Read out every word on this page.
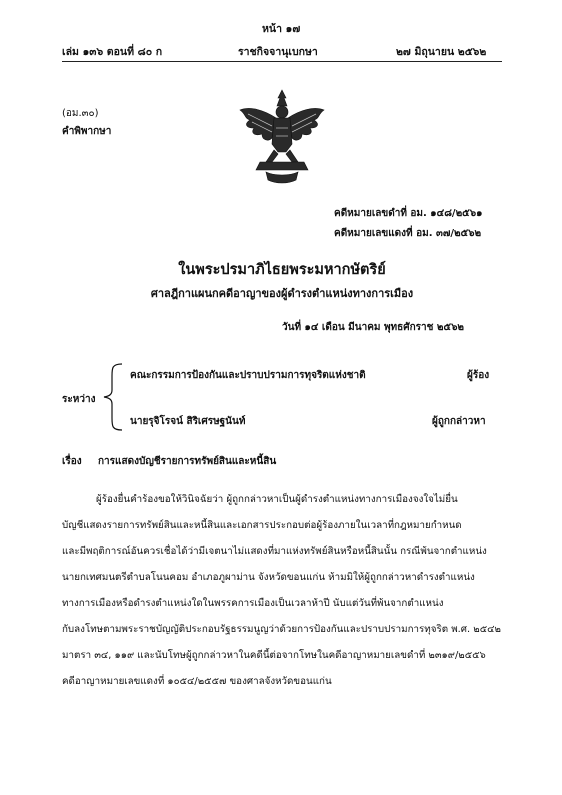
หน้า ๑๗
เล่ม ๑๓๖ ตอนที่ ๘๐ ก	ราชกิจจานุเบกษา	๒๗ มิถุนายน ๒๕๖๒
(อม.๓๐)
คำพิพากษา
คดีหมายเลขดำที่ อม. ๑๔๘/๒๕๖๑
คดีหมายเลขแดงที่ อม. ๓๗/๒๕๖๒
ในพระปรมาภิไธยพระมหากษัตริย์
ศาลฎีกาแผนกคดีอาญาของผู้ดำรงตำแหน่งทางการเมือง
วันที่ ๑๔ เดือน มีนาคม พุทธศักราช ๒๕๖๒
ระหว่าง
คณะกรรมการป้องกันและปราบปรามการทุจริตแห่งชาติ	ผู้ร้อง
นายรุจิโรจน์ สิริเศรษฐนันท์	ผู้ถูกกล่าวหา
เรื่อง การแสดงบัญชีรายการทรัพย์สินและหนี้สิน
ผู้ร้องยื่นคำร้องขอให้วินิจฉัยว่า ผู้ถูกกล่าวหาเป็นผู้ดำรงตำแหน่งทางการเมืองจงใจไม่ยื่น
บัญชีแสดงรายการทรัพย์สินและหนี้สินและเอกสารประกอบต่อผู้ร้องภายในเวลาที่กฎหมายกำหนด
และมีพฤติการณ์อันควรเชื่อได้ว่ามีเจตนาไม่แสดงที่มาแห่งทรัพย์สินหรือหนี้สินนั้น กรณีพ้นจากตำแหน่ง
นายกเทศมนตรีตำบลโนนคอม อำเภอภูผาม่าน จังหวัดขอนแก่น ห้ามมิให้ผู้ถูกกล่าวหาดำรงตำแหน่ง
ทางการเมืองหรือดำรงตำแหน่งใดในพรรคการเมืองเป็นเวลาห้าปี นับแต่วันที่พ้นจากตำแหน่ง
กับลงโทษตามพระราชบัญญัติประกอบรัฐธรรมนูญว่าด้วยการป้องกันและปราบปรามการทุจริต พ.ศ. ๒๕๔๒
มาตรา ๓๔, ๑๑๙ และนับโทษผู้ถูกกล่าวหาในคดีนี้ต่อจากโทษในคดีอาญาหมายเลขดำที่ ๒๓๑๙/๒๕๕๖
คดีอาญาหมายเลขแดงที่ ๑๐๕๔/๒๕๕๗ ของศาลจังหวัดขอนแก่น
